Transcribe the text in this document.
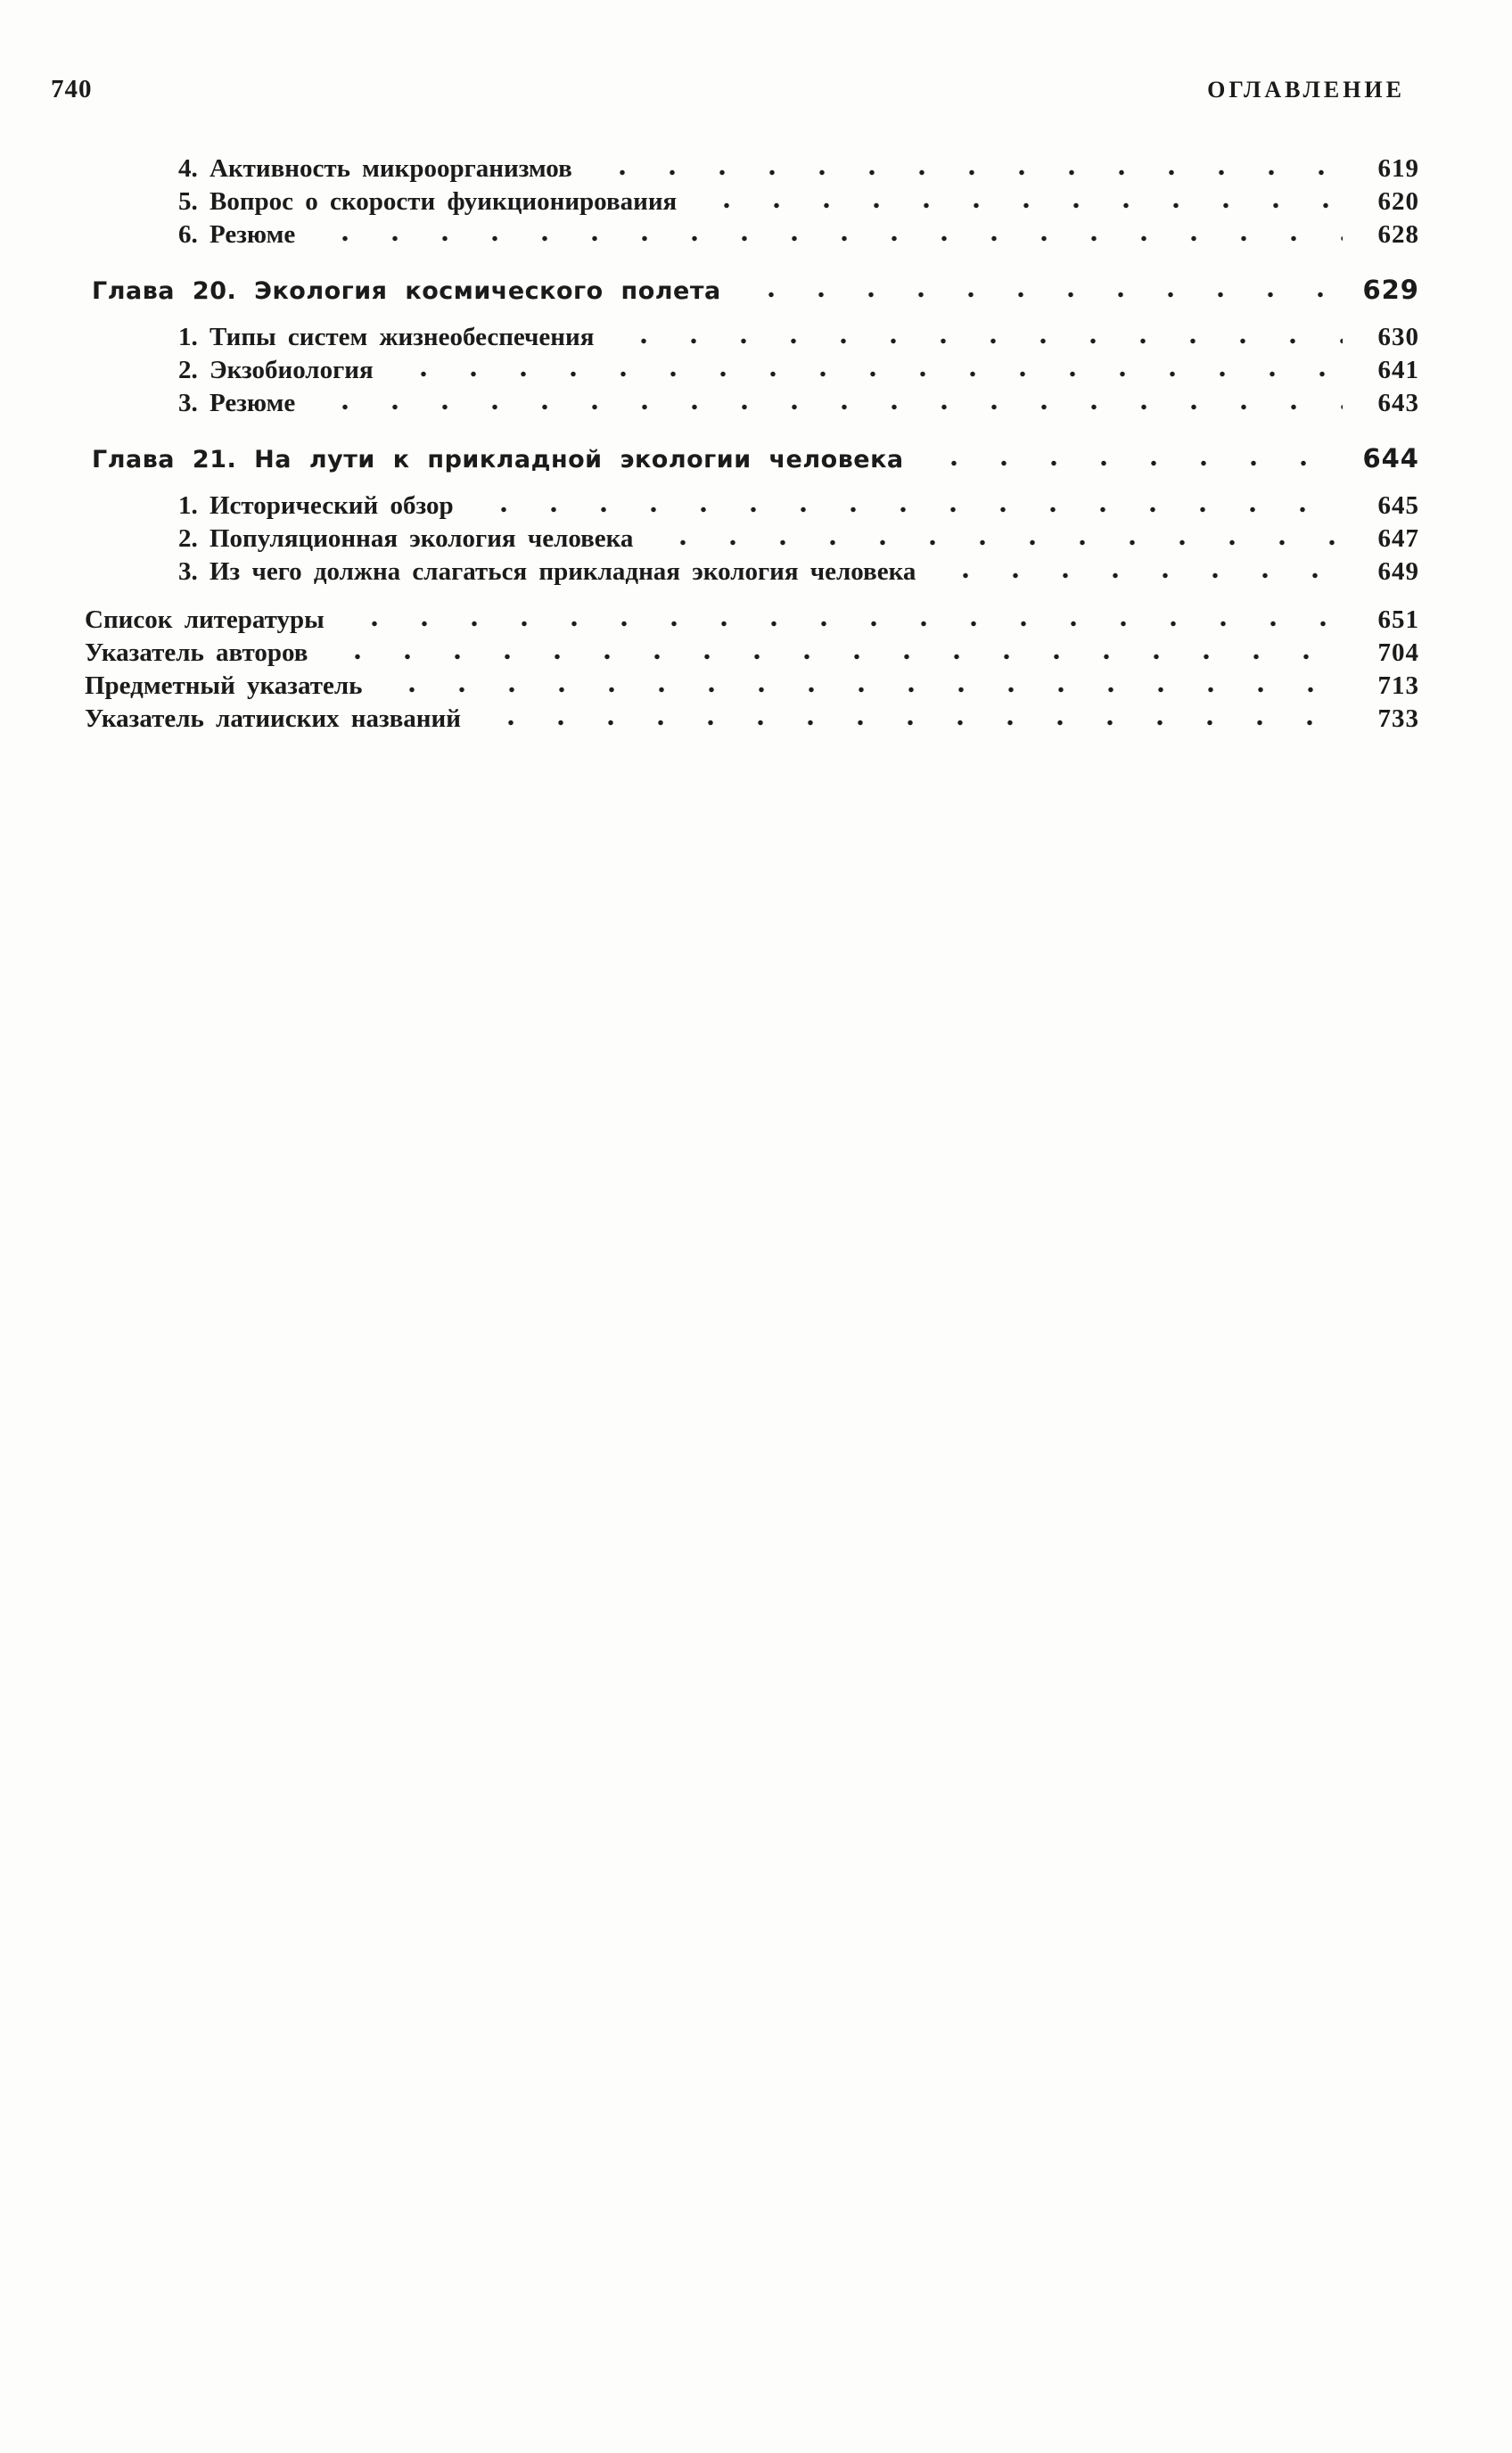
740	ОГЛАВЛЕНИЕ
4. Активность микроорганизмов	619
5. Вопрос о скорости фуикционироваиия	620
6. Резюме	628
Глава 20. Экология космического полета	629
1. Типы систем жизнеобеспечения	630
2. Экзобиология	641
3. Резюме	643
Глава 21. На лути к прикладной экологии человека	644
1. Исторический обзор	645
2. Популяционная экология человека	647
3. Из чего должна слагаться прикладная экология человека	649
Список литературы	651
Указатель авторов	704
Предметный указатель	713
Указатель латииских названий	733
